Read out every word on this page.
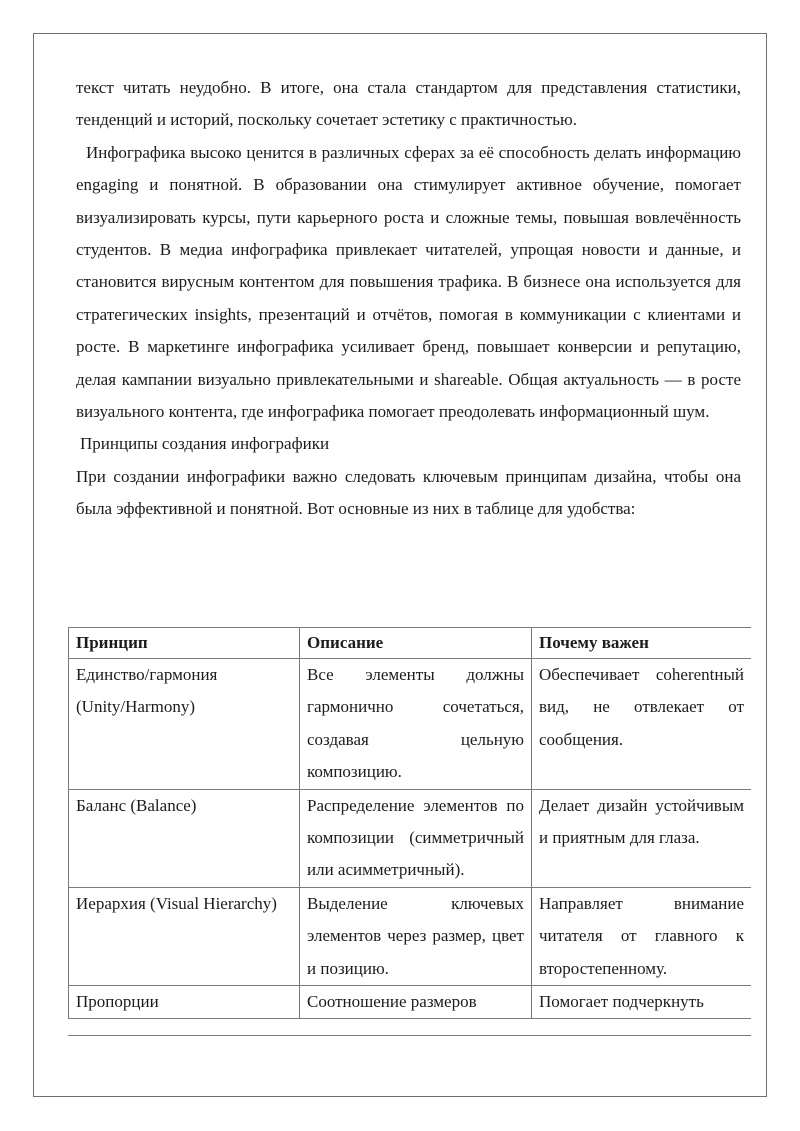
текст читать неудобно. В итоге, она стала стандартом для представления статистики, тенденций и историй, поскольку сочетает эстетику с практичностью.

Инфографика высоко ценится в различных сферах за её способность делать информацию engaging и понятной. В образовании она стимулирует активное обучение, помогает визуализировать курсы, пути карьерного роста и сложные темы, повышая вовлечённость студентов. В медиа инфографика привлекает читателей, упрощая новости и данные, и становится вирусным контентом для повышения трафика. В бизнесе она используется для стратегических insights, презентаций и отчётов, помогая в коммуникации с клиентами и росте. В маркетинге инфографика усиливает бренд, повышает конверсии и репутацию, делая кампании визуально привлекательными и shareable. Общая актуальность — в росте визуального контента, где инфографика помогает преодолевать информационный шум.

Принципы создания инфографики

При создании инфографики важно следовать ключевым принципам дизайна, чтобы она была эффективной и понятной. Вот основные из них в таблице для удобства:

Принцип	Описание	Почему важен
Единство/гармония (Unity/Harmony)	Все элементы должны гармонично сочетаться, создавая цельную композицию.	Обеспечивает coherentный вид, не отвлекает от сообщения.
Баланс (Balance)	Распределение элементов по композиции (симметричный или асимметричный).	Делает дизайн устойчивым и приятным для глаза.
Иерархия (Visual Hierarchy)	Выделение ключевых элементов через размер, цвет и позицию.	Направляет внимание читателя от главного к второстепенному.
Пропорции	Соотношение размеров	Помогает подчеркнуть
